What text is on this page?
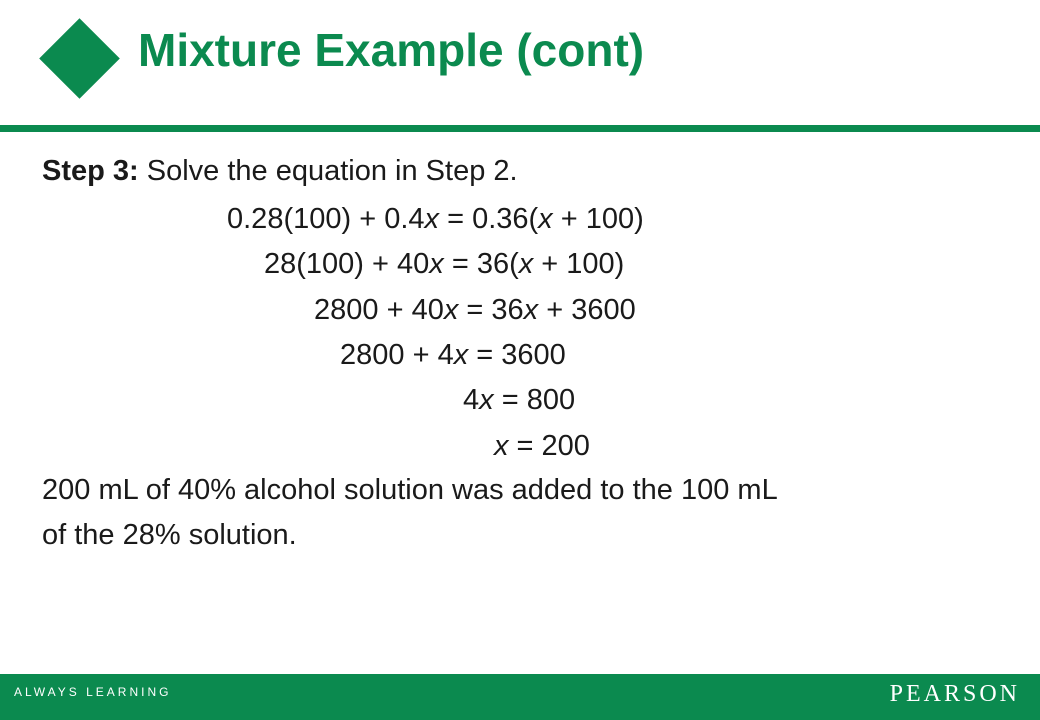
Mixture Example (cont)
Step 3: Solve the equation in Step 2.
0.28(100) + 0.4x = 0.36(x + 100)
28(100) + 40x = 36(x + 100)
2800 + 40x = 36x + 3600
2800 + 4x = 3600
4x = 800
x = 200
200 mL of 40% alcohol solution was added to the 100 mL
of the 28% solution.
ALWAYS LEARNING	PEARSON
